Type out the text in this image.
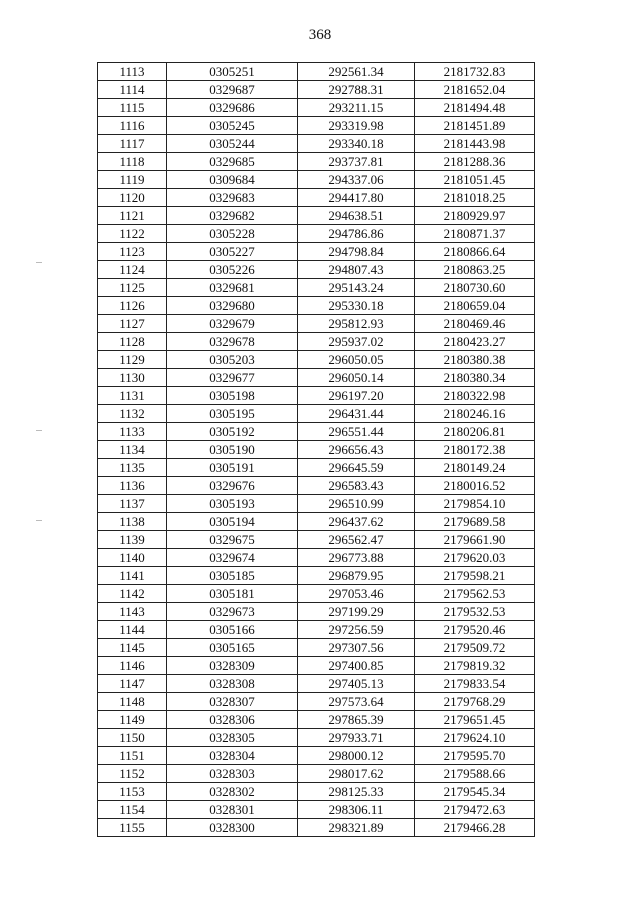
368
1113	0305251	292561.34	2181732.83
1114	0329687	292788.31	2181652.04
1115	0329686	293211.15	2181494.48
1116	0305245	293319.98	2181451.89
1117	0305244	293340.18	2181443.98
1118	0329685	293737.81	2181288.36
1119	0309684	294337.06	2181051.45
1120	0329683	294417.80	2181018.25
1121	0329682	294638.51	2180929.97
1122	0305228	294786.86	2180871.37
1123	0305227	294798.84	2180866.64
1124	0305226	294807.43	2180863.25
1125	0329681	295143.24	2180730.60
1126	0329680	295330.18	2180659.04
1127	0329679	295812.93	2180469.46
1128	0329678	295937.02	2180423.27
1129	0305203	296050.05	2180380.38
1130	0329677	296050.14	2180380.34
1131	0305198	296197.20	2180322.98
1132	0305195	296431.44	2180246.16
1133	0305192	296551.44	2180206.81
1134	0305190	296656.43	2180172.38
1135	0305191	296645.59	2180149.24
1136	0329676	296583.43	2180016.52
1137	0305193	296510.99	2179854.10
1138	0305194	296437.62	2179689.58
1139	0329675	296562.47	2179661.90
1140	0329674	296773.88	2179620.03
1141	0305185	296879.95	2179598.21
1142	0305181	297053.46	2179562.53
1143	0329673	297199.29	2179532.53
1144	0305166	297256.59	2179520.46
1145	0305165	297307.56	2179509.72
1146	0328309	297400.85	2179819.32
1147	0328308	297405.13	2179833.54
1148	0328307	297573.64	2179768.29
1149	0328306	297865.39	2179651.45
1150	0328305	297933.71	2179624.10
1151	0328304	298000.12	2179595.70
1152	0328303	298017.62	2179588.66
1153	0328302	298125.33	2179545.34
1154	0328301	298306.11	2179472.63
1155	0328300	298321.89	2179466.28
